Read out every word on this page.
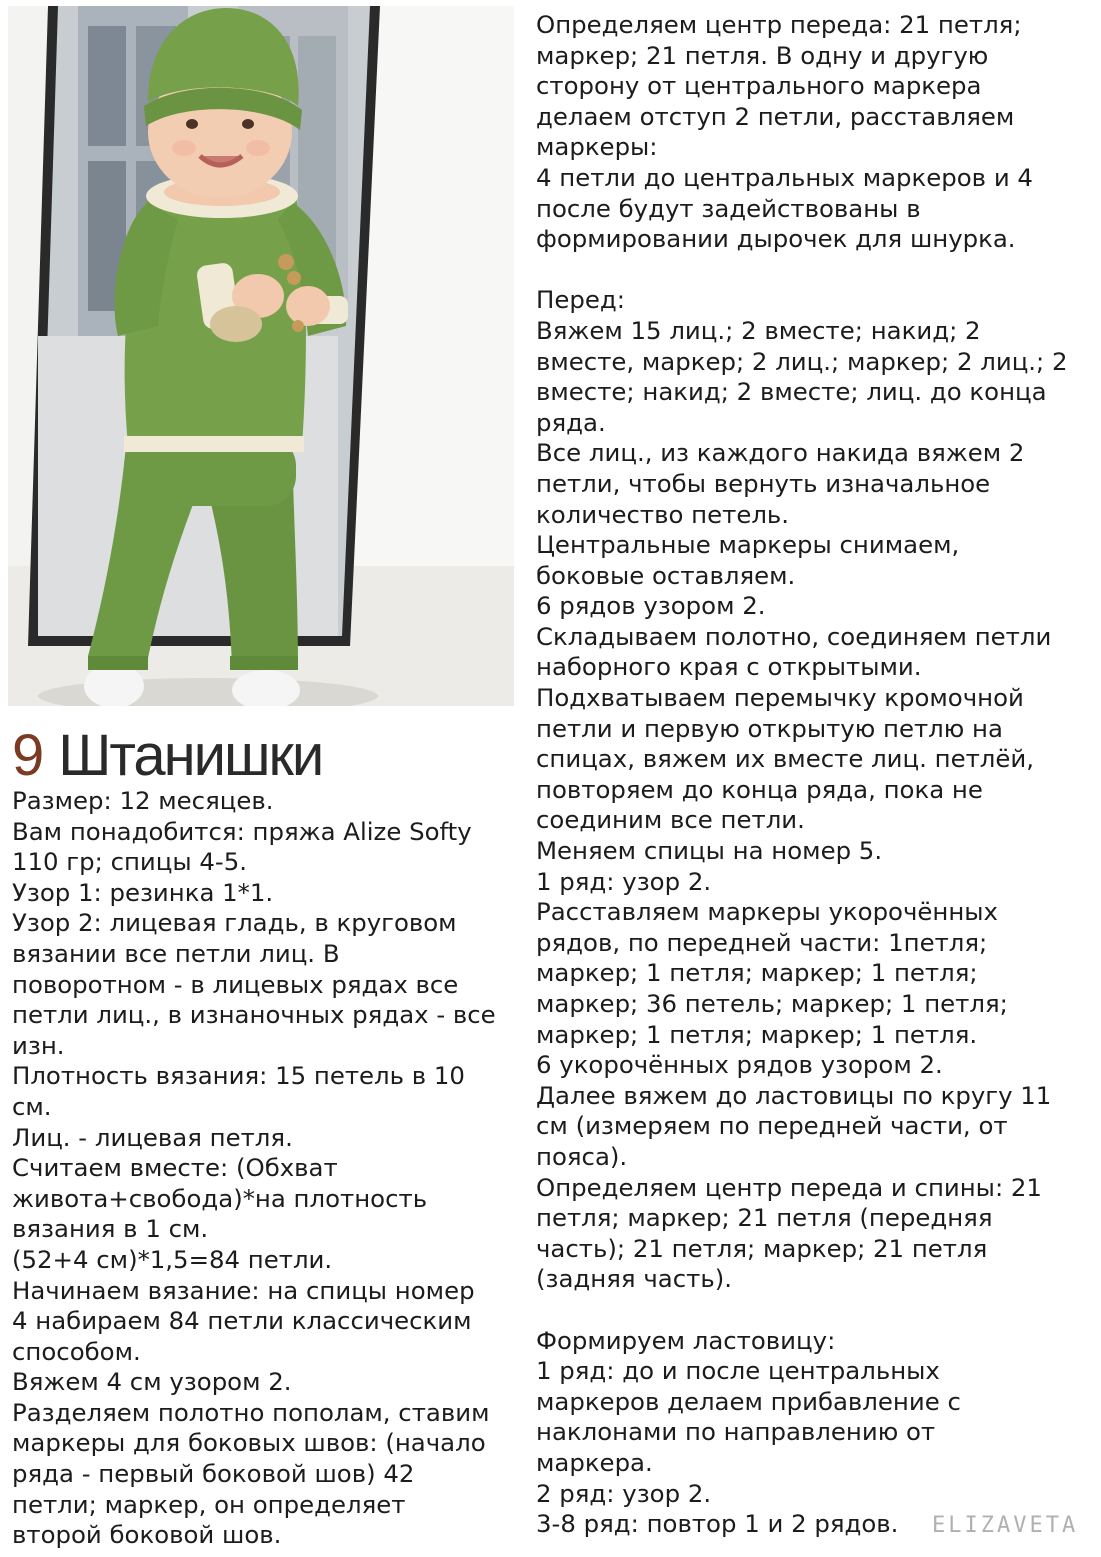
9 Штанишки

Размер: 12 месяцев.

Вам понадобится: пряжа Alize Softy

110 гр; спицы 4-5.

Узор 1: резинка 1*1.

Узор 2: лицевая гладь, в круговом

вязании все петли лиц. В

поворотном - в лицевых рядах все

петли лиц., в изнаночных рядах - все

изн.

Плотность вязания: 15 петель в 10

см.

Лиц. - лицевая петля.

Считаем вместе: (Обхват

живота+свобода)*на плотность

вязания в 1 см.

(52+4 см)*1,5=84 петли.

Начинаем вязание: на спицы номер

4 набираем 84 петли классическим

способом.

Вяжем 4 см узором 2.

Разделяем полотно пополам, ставим

маркеры для боковых швов: (начало

ряда - первый боковой шов) 42

петли; маркер, он определяет

второй боковой шов.

Определяем центр переда: 21 петля;

маркер; 21 петля. В одну и другую

сторону от центрального маркера

делаем отступ 2 петли, расставляем

маркеры:

4 петли до центральных маркеров и 4

после будут задействованы в

формировании дырочек для шнурка.

Перед:

Вяжем 15 лиц.; 2 вместе; накид; 2

вместе, маркер; 2 лиц.; маркер; 2 лиц.; 2

вместе; накид; 2 вместе; лиц. до конца

ряда.

Все лиц., из каждого накида вяжем 2

петли, чтобы вернуть изначальное

количество петель.

Центральные маркеры снимаем,

боковые оставляем.

6 рядов узором 2.

Складываем полотно, соединяем петли

наборного края с открытыми.

Подхватываем перемычку кромочной

петли и первую открытую петлю на

спицах, вяжем их вместе лиц. петлёй,

повторяем до конца ряда, пока не

соединим все петли.

Меняем спицы на номер 5.

1 ряд: узор 2.

Расставляем маркеры укорочённых

рядов, по передней части: 1петля;

маркер; 1 петля; маркер; 1 петля;

маркер; 36 петель; маркер; 1 петля;

маркер; 1 петля; маркер; 1 петля.

6 укорочённых рядов узором 2.

Далее вяжем до ластовицы по кругу 11

см (измеряем по передней части, от

пояса).

Определяем центр переда и спины: 21

петля; маркер; 21 петля (передняя

часть); 21 петля; маркер; 21 петля

(задняя часть).

Формируем ластовицу:

1 ряд: до и после центральных

маркеров делаем прибавление с

наклонами по направлению от

маркера.

2 ряд: узор 2.

3-8 ряд: повтор 1 и 2 рядов.	ELIZAVETA
